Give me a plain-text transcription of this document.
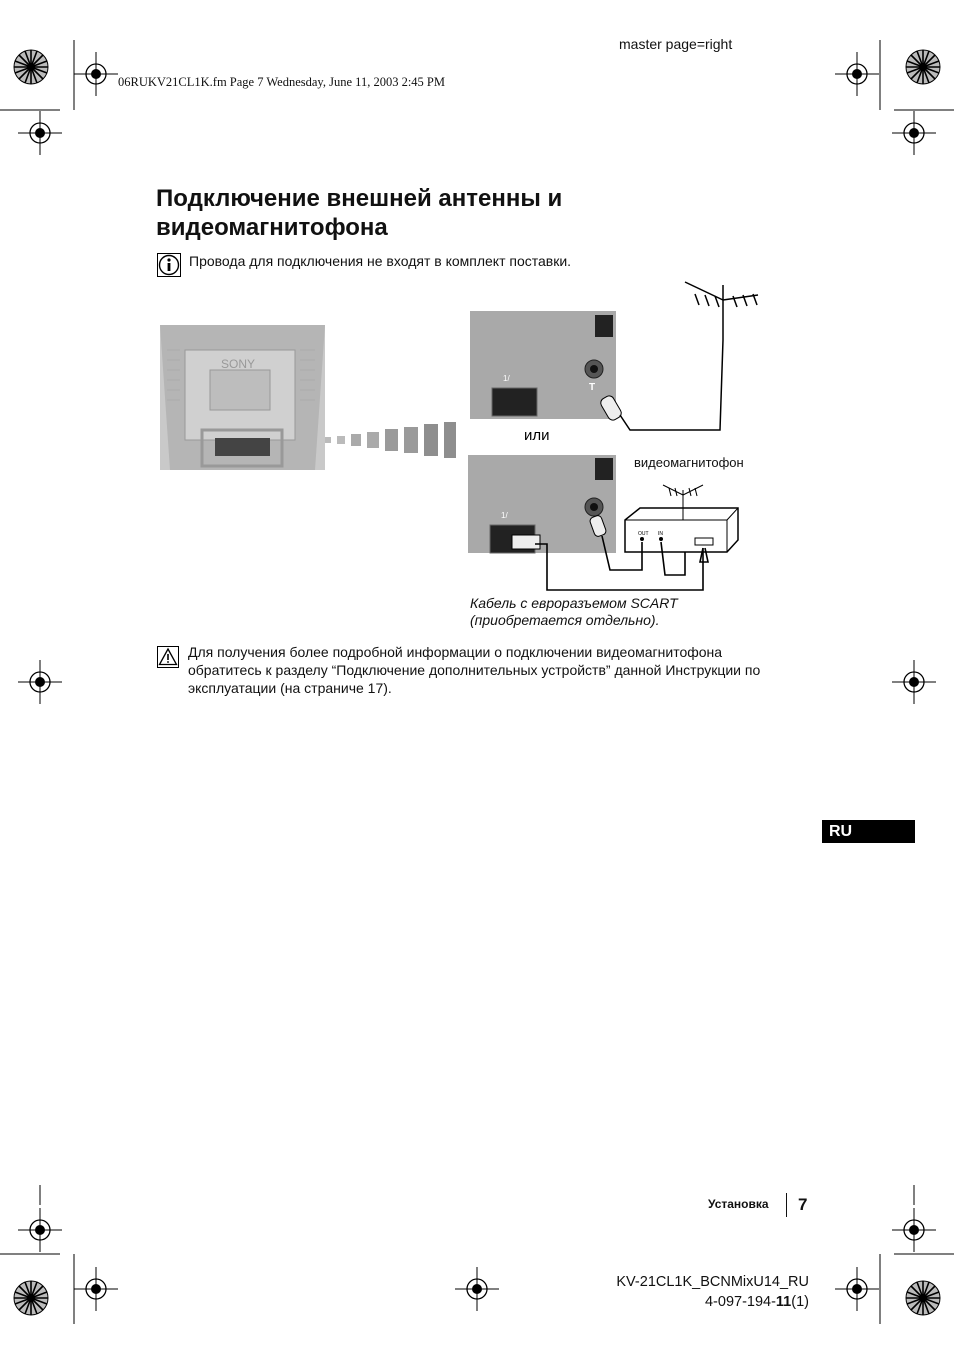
master page=right
06RUKV21CL1K.fm Page 7 Wednesday, June 11, 2003 2:45 PM
Подключение внешней антенны и видеомагнитофона
Провода для подключения не входят в комплект поставки.
SONY
1/
T
или
1/
OUT IN
видеомагнитофон
Кабель с евроразъемом SCART
(приобретается отдельно).
Для получения более подробной информации о подключении видеомагнитофона обратитесь к разделу “Подключение дополнительных устройств” данной Инструкции по эксплуатации (на страниче 17).
RU
Установка 7
KV-21CL1K_BCNMixU14_RU
4-097-194-11(1)
